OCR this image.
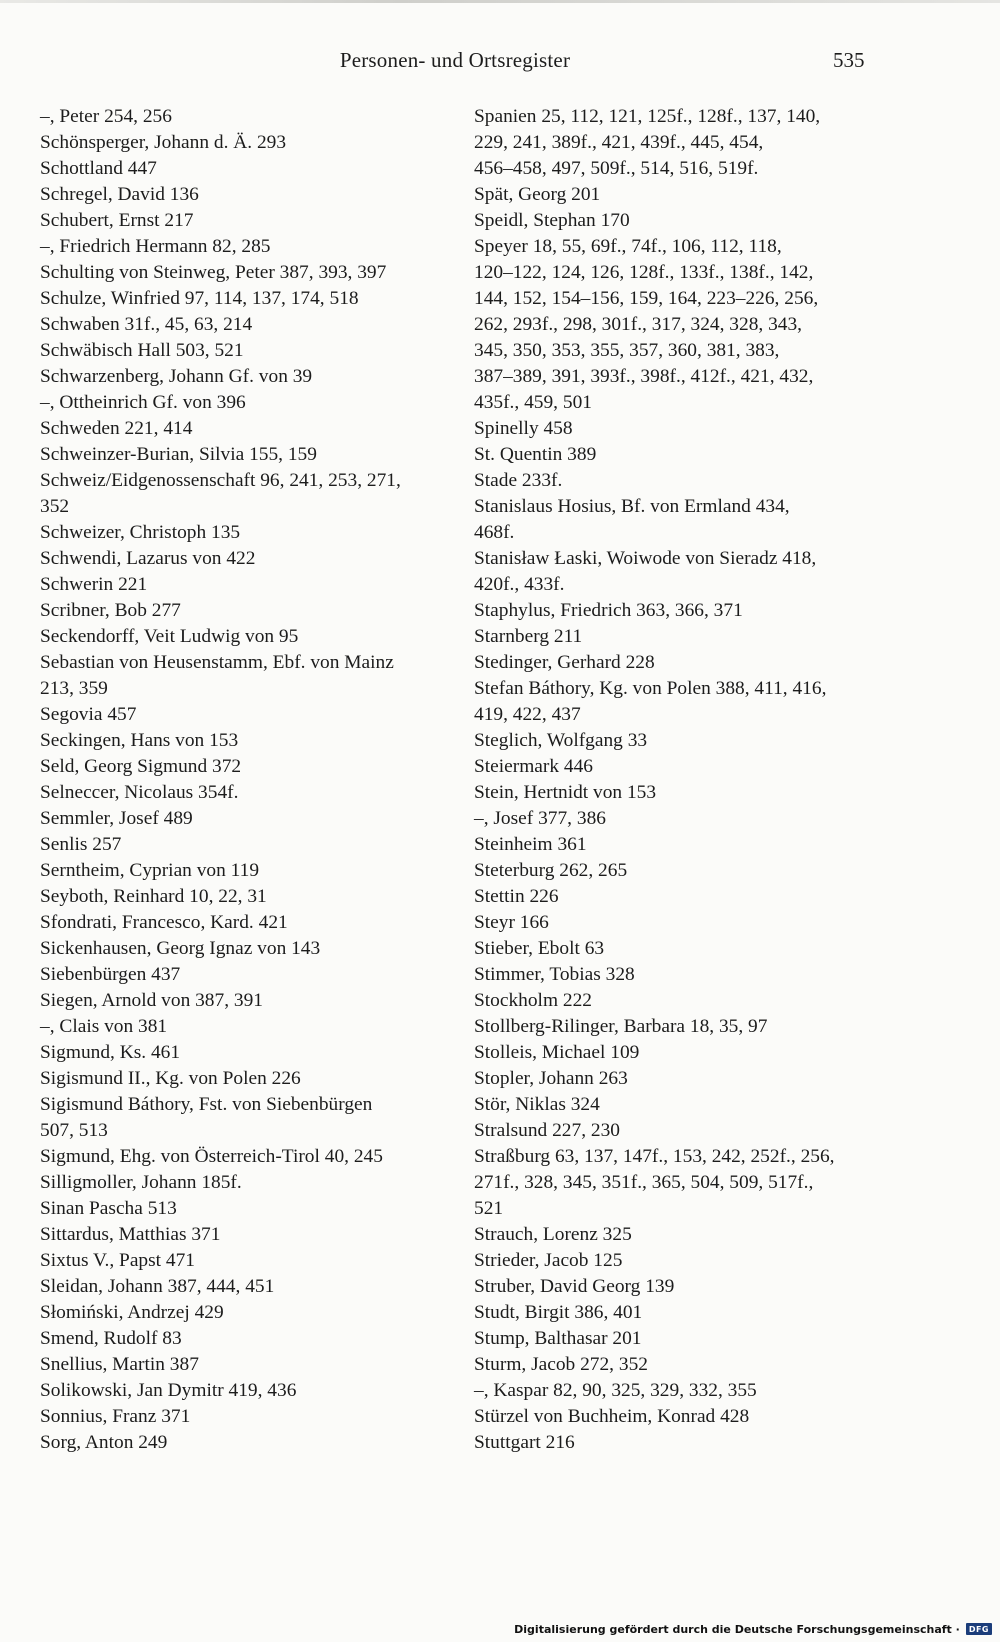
Personen- und Ortsregister	535
–, Peter 254, 256
Schönsperger, Johann d. Ä. 293
Schottland 447
Schregel, David 136
Schubert, Ernst 217
–, Friedrich Hermann 82, 285
Schulting von Steinweg, Peter 387, 393, 397
Schulze, Winfried 97, 114, 137, 174, 518
Schwaben 31f., 45, 63, 214
Schwäbisch Hall 503, 521
Schwarzenberg, Johann Gf. von 39
–, Ottheinrich Gf. von 396
Schweden 221, 414
Schweinzer-Burian, Silvia 155, 159
Schweiz/Eidgenossenschaft 96, 241, 253, 271,
352
Schweizer, Christoph 135
Schwendi, Lazarus von 422
Schwerin 221
Scribner, Bob 277
Seckendorff, Veit Ludwig von 95
Sebastian von Heusenstamm, Ebf. von Mainz
213, 359
Segovia 457
Seckingen, Hans von 153
Seld, Georg Sigmund 372
Selneccer, Nicolaus 354f.
Semmler, Josef 489
Senlis 257
Serntheim, Cyprian von 119
Seyboth, Reinhard 10, 22, 31
Sfondrati, Francesco, Kard. 421
Sickenhausen, Georg Ignaz von 143
Siebenbürgen 437
Siegen, Arnold von 387, 391
–, Clais von 381
Sigmund, Ks. 461
Sigismund II., Kg. von Polen 226
Sigismund Báthory, Fst. von Siebenbürgen
507, 513
Sigmund, Ehg. von Österreich-Tirol 40, 245
Silligmoller, Johann 185f.
Sinan Pascha 513
Sittardus, Matthias 371
Sixtus V., Papst 471
Sleidan, Johann 387, 444, 451
Słomiński, Andrzej 429
Smend, Rudolf 83
Snellius, Martin 387
Solikowski, Jan Dymitr 419, 436
Sonnius, Franz 371
Sorg, Anton 249
Spanien 25, 112, 121, 125f., 128f., 137, 140,
229, 241, 389f., 421, 439f., 445, 454,
456–458, 497, 509f., 514, 516, 519f.
Spät, Georg 201
Speidl, Stephan 170
Speyer 18, 55, 69f., 74f., 106, 112, 118,
120–122, 124, 126, 128f., 133f., 138f., 142,
144, 152, 154–156, 159, 164, 223–226, 256,
262, 293f., 298, 301f., 317, 324, 328, 343,
345, 350, 353, 355, 357, 360, 381, 383,
387–389, 391, 393f., 398f., 412f., 421, 432,
435f., 459, 501
Spinelly 458
St. Quentin 389
Stade 233f.
Stanislaus Hosius, Bf. von Ermland 434,
468f.
Stanisław Łaski, Woiwode von Sieradz 418,
420f., 433f.
Staphylus, Friedrich 363, 366, 371
Starnberg 211
Stedinger, Gerhard 228
Stefan Báthory, Kg. von Polen 388, 411, 416,
419, 422, 437
Steglich, Wolfgang 33
Steiermark 446
Stein, Hertnidt von 153
–, Josef 377, 386
Steinheim 361
Steterburg 262, 265
Stettin 226
Steyr 166
Stieber, Ebolt 63
Stimmer, Tobias 328
Stockholm 222
Stollberg-Rilinger, Barbara 18, 35, 97
Stolleis, Michael 109
Stopler, Johann 263
Stör, Niklas 324
Stralsund 227, 230
Straßburg 63, 137, 147f., 153, 242, 252f., 256,
271f., 328, 345, 351f., 365, 504, 509, 517f.,
521
Strauch, Lorenz 325
Strieder, Jacob 125
Struber, David Georg 139
Studt, Birgit 386, 401
Stump, Balthasar 201
Sturm, Jacob 272, 352
–, Kaspar 82, 90, 325, 329, 332, 355
Stürzel von Buchheim, Konrad 428
Stuttgart 216
Digitalisierung gefördert durch die Deutsche Forschungsgemeinschaft ·	DFG
